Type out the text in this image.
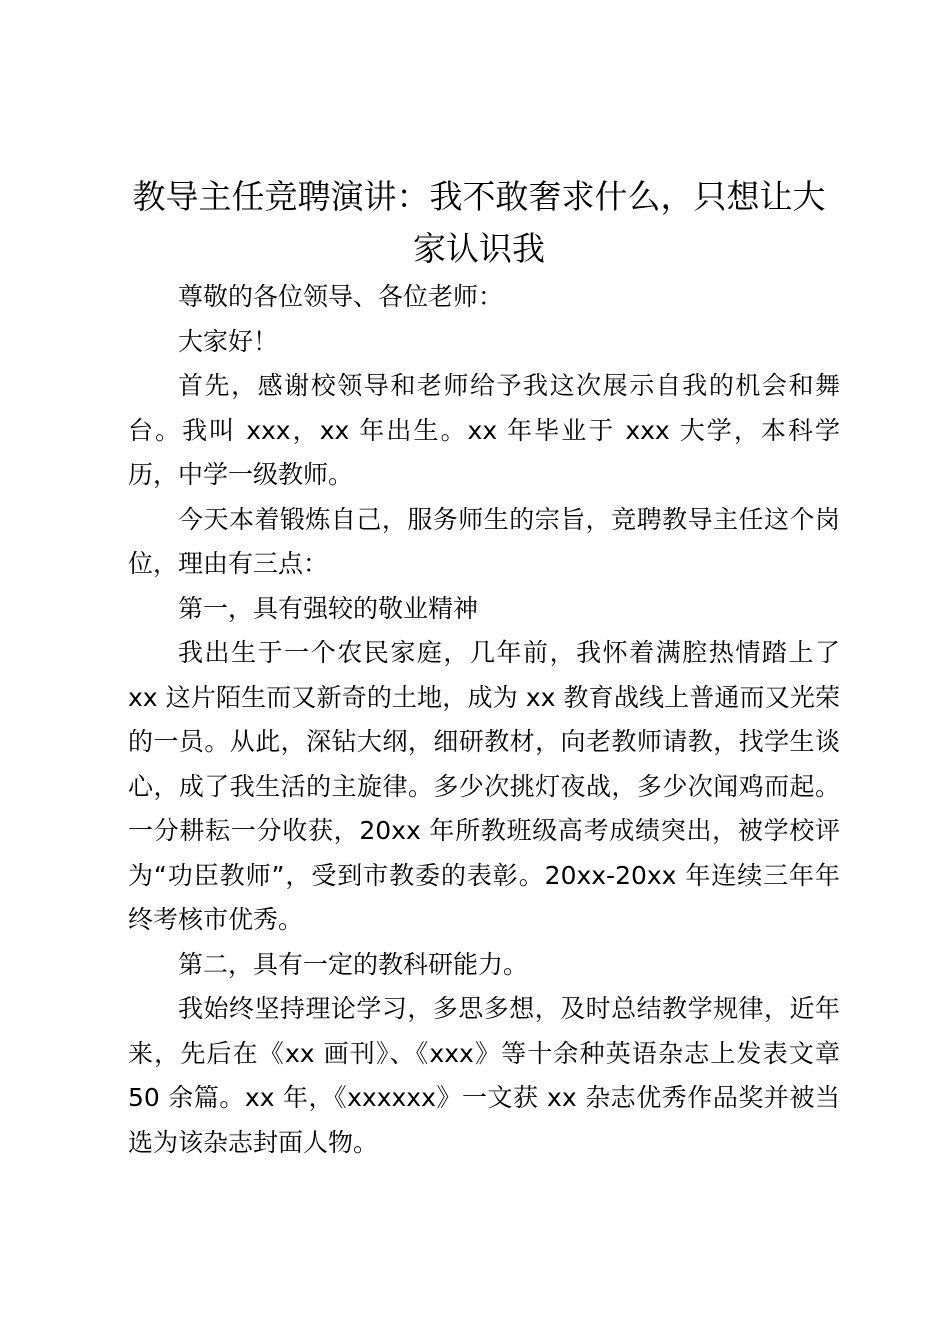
教导主任竞聘演讲：我不敢奢求什么，只想让大家认识我

尊敬的各位领导、各位老师：

大家好！

首先，感谢校领导和老师给予我这次展示自我的机会和舞台。我叫 xxx，xx 年出生。xx 年毕业于 xxx 大学，本科学历，中学一级教师。

今天本着锻炼自己，服务师生的宗旨，竞聘教导主任这个岗位，理由有三点：

第一，具有强较的敬业精神

我出生于一个农民家庭，几年前，我怀着满腔热情踏上了 xx 这片陌生而又新奇的土地，成为 xx 教育战线上普通而又光荣的一员。从此，深钻大纲，细研教材，向老教师请教，找学生谈心，成了我生活的主旋律。多少次挑灯夜战，多少次闻鸡而起。一分耕耘一分收获，20xx 年所教班级高考成绩突出，被学校评为“功臣教师”，受到市教委的表彰。20xx-20xx 年连续三年年终考核市优秀。

第二，具有一定的教科研能力。

我始终坚持理论学习，多思多想，及时总结教学规律，近年来，先后在《xx 画刊》、《xxx》等十余种英语杂志上发表文章 50 余篇。xx 年，《xxxxxx》一文获 xx 杂志优秀作品奖并被当选为该杂志封面人物。
